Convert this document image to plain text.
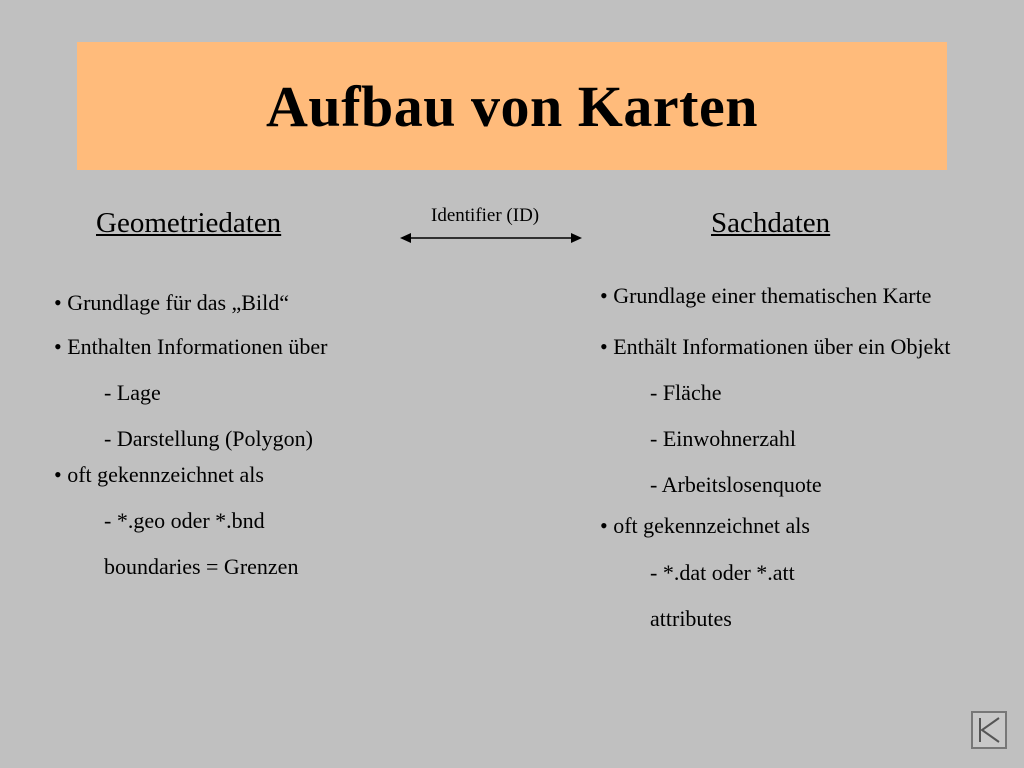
Aufbau von Karten
Geometriedaten
• Grundlage für das „Bild“
• Enthalten Informationen über
- Lage
- Darstellung (Polygon)
• oft gekennzeichnet als
- *.geo oder *.bnd
boundaries = Grenzen
Identifier (ID)	Sachdaten
• Grundlage einer thematischen Karte
• Enthält Informationen über ein Objekt
- Fläche
- Einwohnerzahl
- Arbeitslosenquote
• oft gekennzeichnet als
- *.dat oder *.att
attributes
